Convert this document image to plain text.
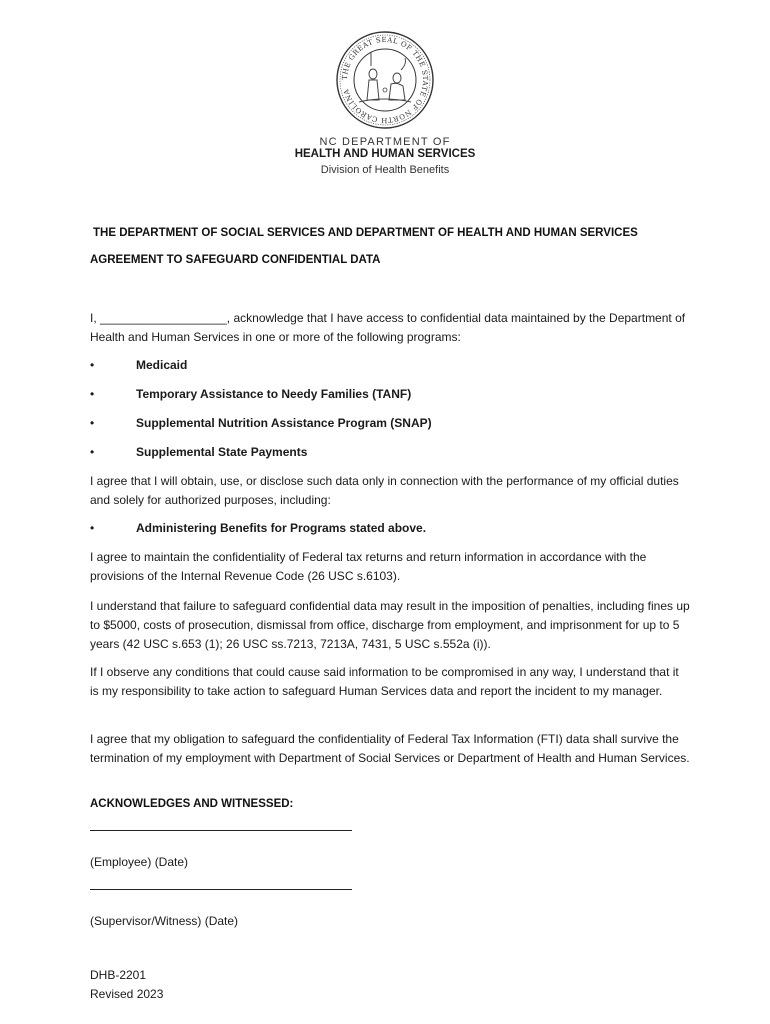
THE GREAT SEAL OF THE STATE OF NORTH CAROLINA
NC DEPARTMENT OF
HEALTH AND HUMAN SERVICES
Division of Health Benefits
THE DEPARTMENT OF SOCIAL SERVICES AND DEPARTMENT OF HEALTH AND HUMAN SERVICES
AGREEMENT TO SAFEGUARD CONFIDENTIAL DATA
I, ___________________, acknowledge that I have access to confidential data maintained by the Department of Health and Human Services in one or more of the following programs:
•	Medicaid
•	Temporary Assistance to Needy Families (TANF)
•	Supplemental Nutrition Assistance Program (SNAP)
•	Supplemental State Payments
I agree that I will obtain, use, or disclose such data only in connection with the performance of my official duties and solely for authorized purposes, including:
•	Administering Benefits for Programs stated above.
I agree to maintain the confidentiality of Federal tax returns and return information in accordance with the provisions of the Internal Revenue Code (26 USC s.6103).
I understand that failure to safeguard confidential data may result in the imposition of penalties, including fines up to $5000, costs of prosecution, dismissal from office, discharge from employment, and imprisonment for up to 5 years (42 USC s.653 (1); 26 USC ss.7213, 7213A, 7431, 5 USC s.552a (i)).
If I observe any conditions that could cause said information to be compromised in any way, I understand that it is my responsibility to take action to safeguard Human Services data and report the incident to my manager.
I agree that my obligation to safeguard the confidentiality of Federal Tax Information (FTI) data shall survive the termination of my employment with Department of Social Services or Department of Health and Human Services.
ACKNOWLEDGES AND WITNESSED:
(Employee) (Date)
(Supervisor/Witness) (Date)
DHB-2201
Revised 2023
